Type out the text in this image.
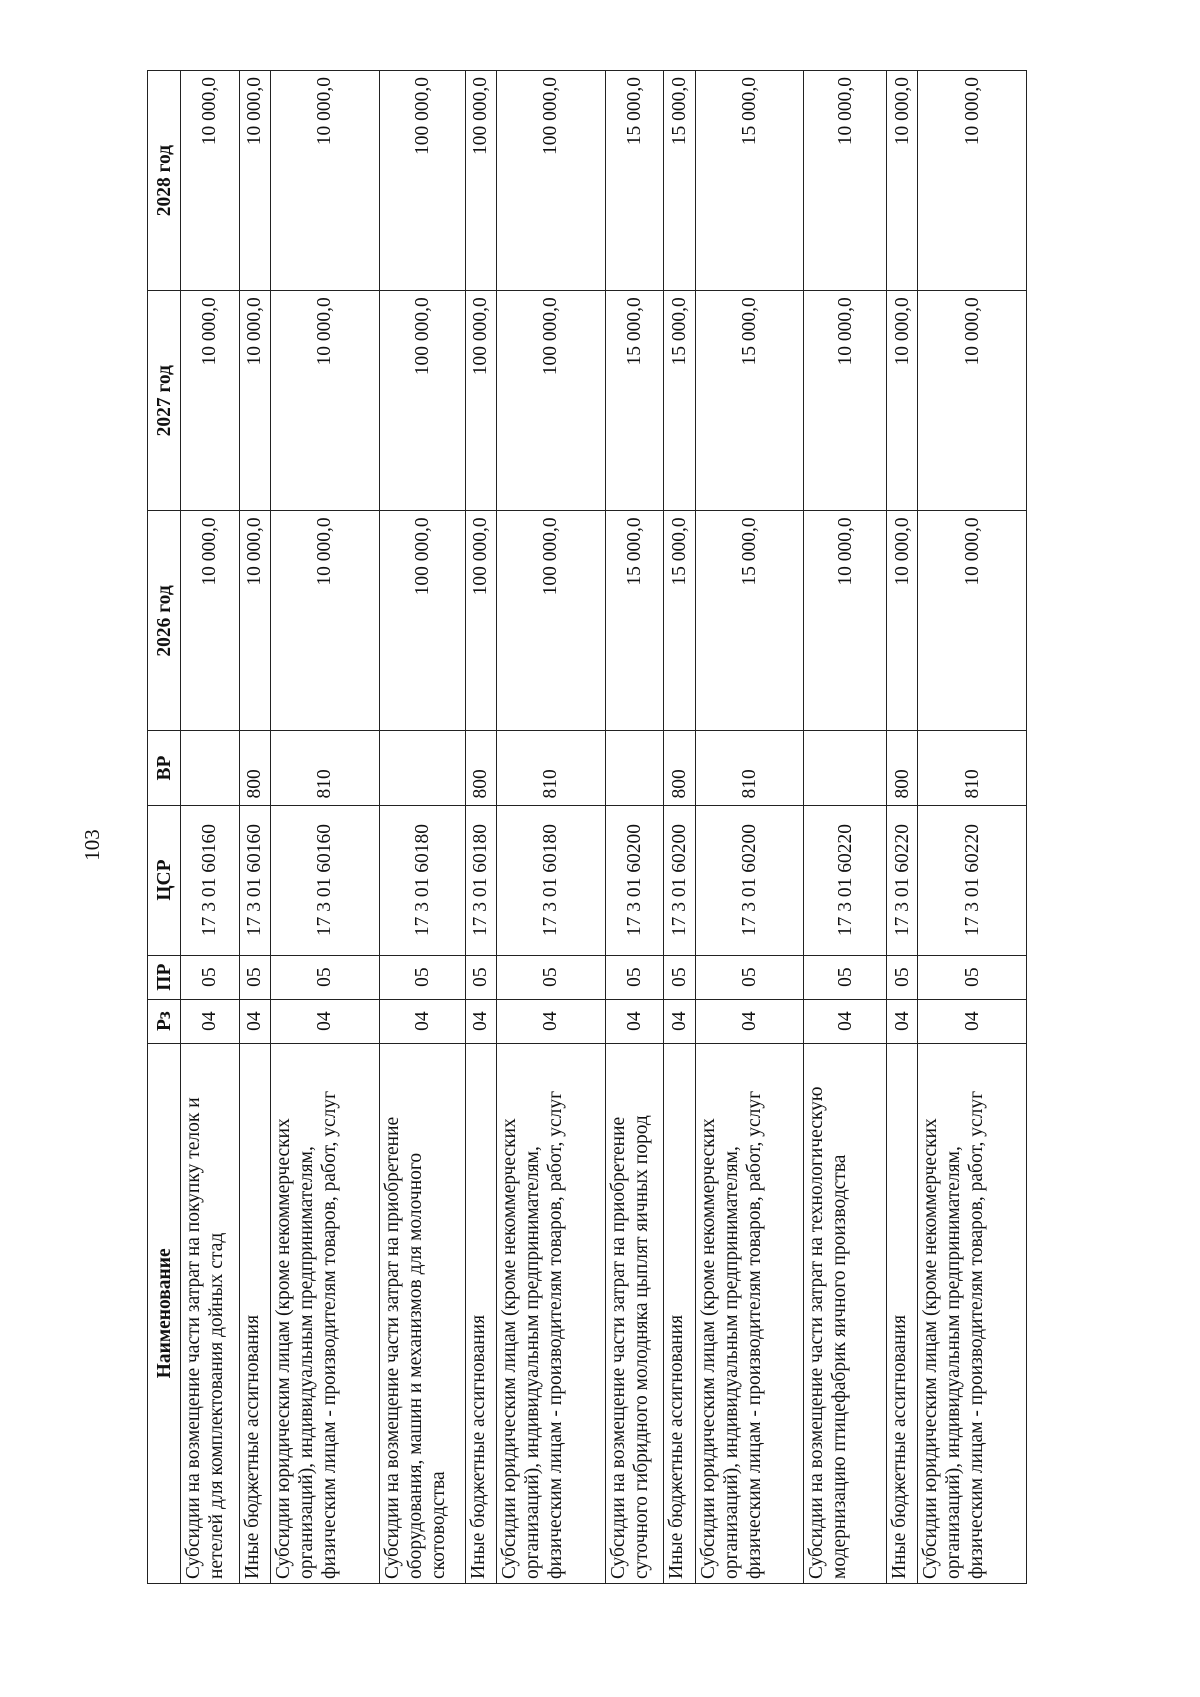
103
Наименование	Рз	ПР	ЦСР	ВР	2026 год	2027 год	2028 год
Субсидии на возмещение части затрат на покупку телок и нетелей для комплектования дойных стад	04	05	17 3 01 60160		10 000,0	10 000,0	10 000,0
Иные бюджетные ассигнования	04	05	17 3 01 60160	800	10 000,0	10 000,0	10 000,0
Субсидии юридическим лицам (кроме некоммерческих организаций), индивидуальным предпринимателям, физическим лицам - производителям товаров, работ, услуг	04	05	17 3 01 60160	810	10 000,0	10 000,0	10 000,0
Субсидии на возмещение части затрат на приобретение оборудования, машин и механизмов для молочного скотоводства	04	05	17 3 01 60180		100 000,0	100 000,0	100 000,0
Иные бюджетные ассигнования	04	05	17 3 01 60180	800	100 000,0	100 000,0	100 000,0
Субсидии юридическим лицам (кроме некоммерческих организаций), индивидуальным предпринимателям, физическим лицам - производителям товаров, работ, услуг	04	05	17 3 01 60180	810	100 000,0	100 000,0	100 000,0
Субсидии на возмещение части затрат на приобретение суточного гибридного молодняка цыплят яичных пород	04	05	17 3 01 60200		15 000,0	15 000,0	15 000,0
Иные бюджетные ассигнования	04	05	17 3 01 60200	800	15 000,0	15 000,0	15 000,0
Субсидии юридическим лицам (кроме некоммерческих организаций), индивидуальным предпринимателям, физическим лицам - производителям товаров, работ, услуг	04	05	17 3 01 60200	810	15 000,0	15 000,0	15 000,0
Субсидии на возмещение части затрат на технологическую модернизацию птицефабрик яичного производства	04	05	17 3 01 60220		10 000,0	10 000,0	10 000,0
Иные бюджетные ассигнования	04	05	17 3 01 60220	800	10 000,0	10 000,0	10 000,0
Субсидии юридическим лицам (кроме некоммерческих организаций), индивидуальным предпринимателям, физическим лицам - производителям товаров, работ, услуг	04	05	17 3 01 60220	810	10 000,0	10 000,0	10 000,0
